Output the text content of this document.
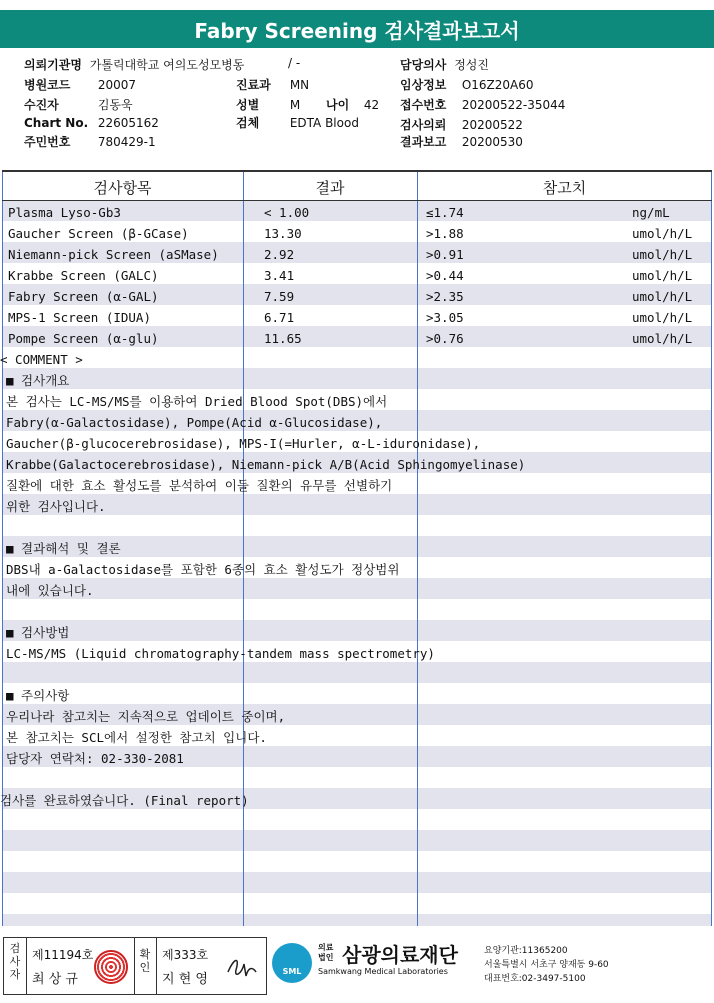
Fabry Screening 검사결과보고서
의뢰기관명 가톨릭대학교 여의도성모병동	/ -	담당의사 정성진
병원코드 20007	진료과 MN	임상정보 O16Z20A60
수진자	김동욱	성별	M 나이 42 접수번호 20200522-35044
Chart No. 22605162	검체	EDTA Blood	검사의뢰 20200522
주민번호 780429-1	결과보고 20200530
검사항목	결과	참고치
Plasma Lyso-Gb3	< 1.00	≤1.74	ng/mL
Gaucher Screen (β-GCase)	13.30	>1.88	umol/h/L
Niemann-pick Screen (aSMase)	2.92	>0.91	umol/h/L
Krabbe Screen (GALC)	3.41	>0.44	umol/h/L
Fabry Screen (α-GAL)	7.59	>2.35	umol/h/L
MPS-1 Screen (IDUA)	6.71	>3.05	umol/h/L
Pompe Screen (α-glu)	11.65	>0.76	umol/h/L
< COMMENT >
■ 검사개요
본 검사는 LC-MS/MS를 이용하여 Dried Blood Spot(DBS)에서
Fabry(α-Galactosidase), Pompe(Acid α-Glucosidase),
Gaucher(β-glucocerebrosidase), MPS-I(=Hurler, α-L-iduronidase),
Krabbe(Galactocerebrosidase), Niemann-pick A/B(Acid Sphingomyelinase)
질환에 대한 효소 활성도를 분석하여 이들 질환의 유무를 선별하기
위한 검사입니다.
■ 결과해석 및 결론
DBS내 a-Galactosidase를 포함한 6종의 효소 활성도가 정상범위
내에 있습니다.
■ 검사방법
LC-MS/MS (Liquid chromatography-tandem mass spectrometry)
■ 주의사항
우리나라 참고치는 지속적으로 업데이트 중이며,
본 참고치는 SCL에서 설정한 참고치 입니다.
담당자 연락처: 02-330-2081
검사를 완료하였습니다. (Final report)
검사자
제11194호
최 상 규
확인
제333호
지 현 영
SML
의료
법인 삼광의료재단
Samkwang Medical Laboratories
요양기관:11365200
서울특별시 서초구 양재동 9-60
대표번호:02-3497-5100
